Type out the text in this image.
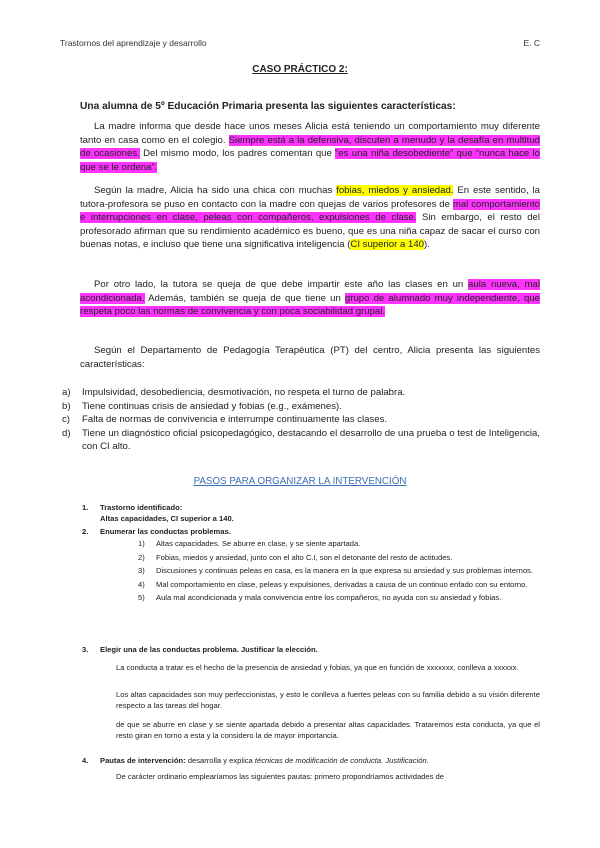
Trastornos del aprendizaje y desarrollo	E. C
CASO PRÁCTICO 2:
Una alumna de 5º Educación Primaria presenta las siguientes características:
La madre informa que desde hace unos meses Alicia está teniendo un comportamiento muy diferente tanto en casa como en el colegio. Siempre está a la defensiva, discuten a menudo y la desafía en multitud de ocasiones. Del mismo modo, los padres comentan que “es una niña desobediente” que “nunca hace lo que se le ordena”.
Según la madre, Alicia ha sido una chica con muchas fobias, miedos y ansiedad. En este sentido, la tutora-profesora se puso en contacto con la madre con quejas de varios profesores de mal comportamiento e interrupciones en clase, peleas con compañeros, expulsiones de clase. Sin embargo, el resto del profesorado afirman que su rendimiento académico es bueno, que es una niña capaz de sacar el curso con buenas notas, e incluso que tiene una significativa inteligencia (CI superior a 140).
Por otro lado, la tutora se queja de que debe impartir este año las clases en un aula nueva, mal acondicionada. Además, también se queja de que tiene un grupo de alumnado muy independiente, que respeta poco las normas de convivencia y con poca sociabilidad grupal.
Según el Departamento de Pedagogía Terapéutica (PT) del centro, Alicia presenta las siguientes características:
a)	Impulsividad, desobediencia, desmotivación, no respeta el turno de palabra.
b)	Tiene continuas crisis de ansiedad y fobias (e.g., exámenes).
c)	Falta de normas de convivencia e interrumpe continuamente las clases.
d)	Tiene un diagnóstico oficial psicopedagógico, destacando el desarrollo de una prueba o test de Inteligencia, con CI alto.
PASOS PARA ORGANIZAR LA INTERVENCIÓN
1. Trastorno identificado:
Altas capacidades, CI superior a 140.
2. Enumerar las conductas problemas.
1)	Altas capacidades. Se aburre en clase, y se siente apartada.
2)	Fobias, miedos y ansiedad, junto con el alto C.I, son el detonante del resto de actitudes.
3)	Discusiones y continuas peleas en casa, es la manera en la que expresa su ansiedad y sus problemas internos.
4)	Mal comportamiento en clase, peleas y expulsiones, derivadas a causa de un continuo enfado con su entorno.
5)	Aula mal acondicionada y mala convivencia entre los compañeros, no ayuda con su ansiedad y fobias.
3. Elegir una de las conductas problema. Justificar la elección.
La conducta a tratar es el hecho de la presencia de ansiedad y fobias, ya que en función de xxxxxxx, conlleva a xxxxxx.
Los altas capacidades son muy perfeccionistas, y esto le conlleva a fuertes peleas con su familia debido a su visión diferente respecto a las tareas del hogar.
de que se aburre en clase y se siente apartada debido a presentar altas capacidades. Trataremos esta conducta, ya que el resto giran en torno a esta y la considero la de mayor importancia.
4. Pautas de intervención: desarrolla y explica técnicas de modificación de conducta. Justificación.
De carácter ordinario emplearíamos las siguientes pautas: primero propondríamos actividades de
